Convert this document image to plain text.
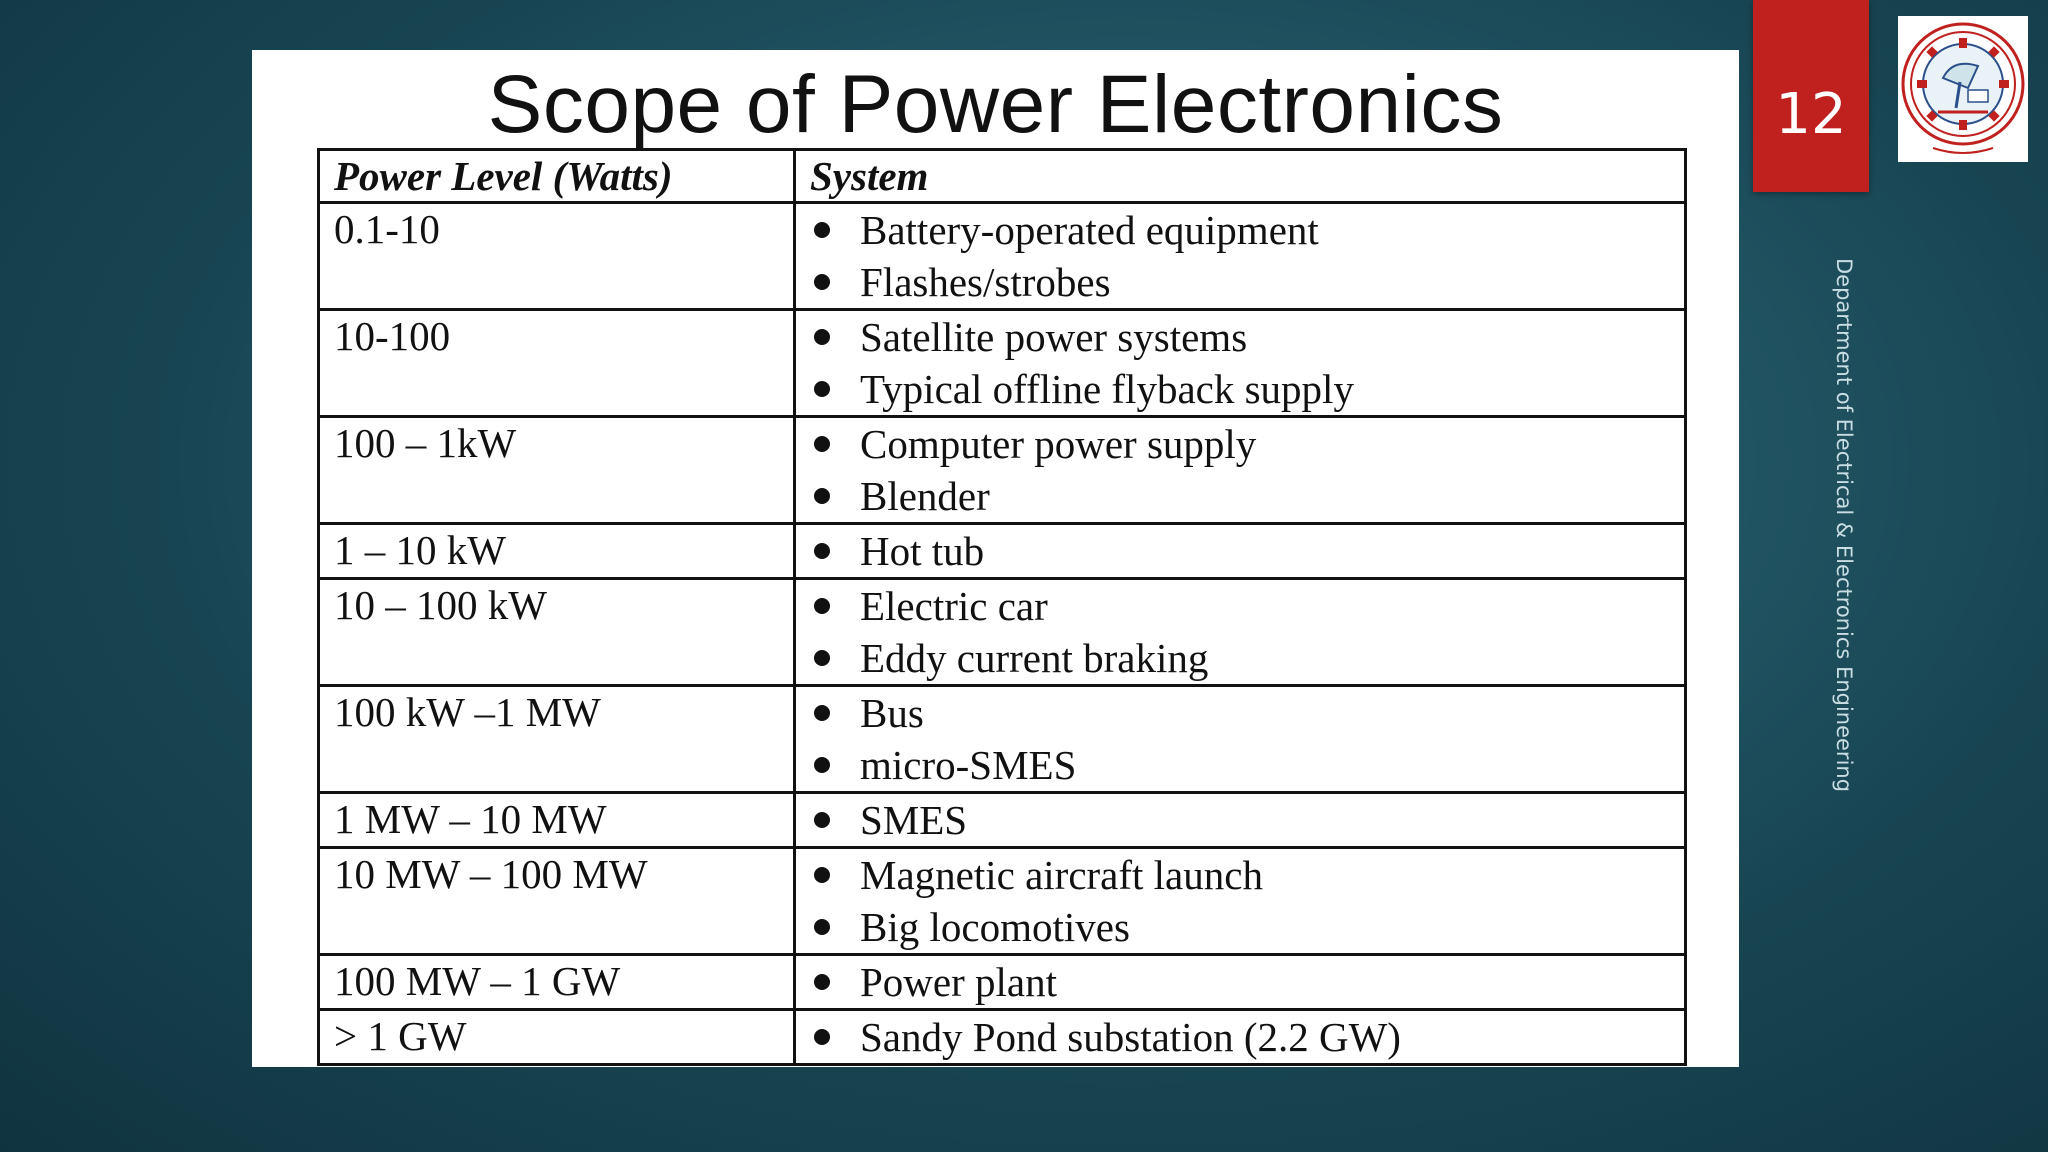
Scope of Power Electronics
Power Level (Watts)	System
0.1-10	Battery-operated equipment
Flashes/strobes

10-100	Satellite power systems
Typical offline flyback supply

100 – 1kW	Computer power supply
Blender

1 – 10 kW	Hot tub

10 – 100 kW	Electric car
Eddy current braking

100 kW –1 MW	Bus
micro-SMES

1 MW – 10 MW	SMES

10 MW – 100 MW	Magnetic aircraft launch
Big locomotives

100 MW – 1 GW	Power plant

> 1 GW	Sandy Pond substation (2.2 GW)
12
Department of Electrical & Electronics Engineering
